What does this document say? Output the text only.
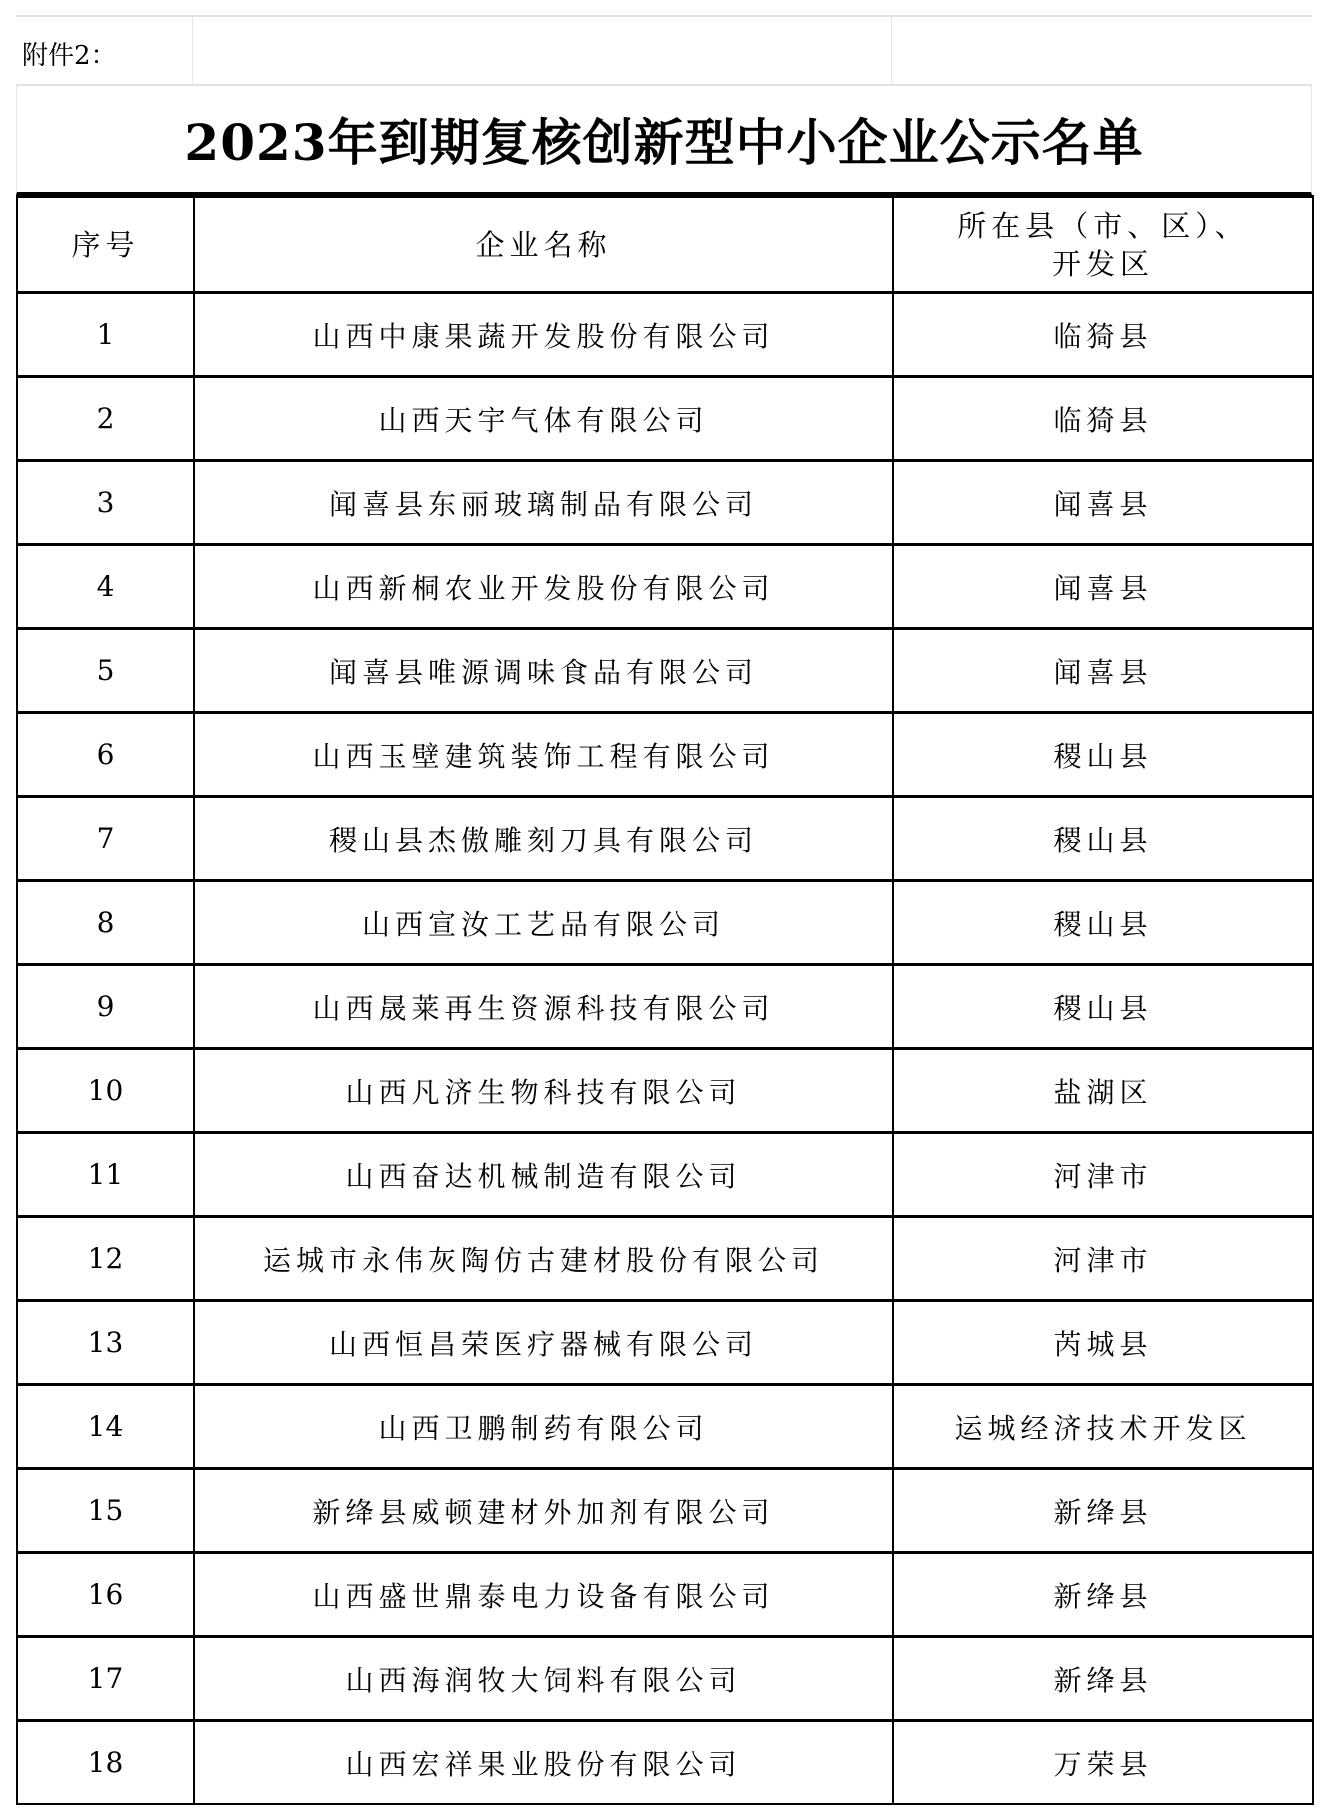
附件2：
2023年到期复核创新型中小企业公示名单
序号	企业名称	所在县（市、区）、
开发区
1	山西中康果蔬开发股份有限公司	临猗县
2	山西天宇气体有限公司	临猗县
3	闻喜县东丽玻璃制品有限公司	闻喜县
4	山西新桐农业开发股份有限公司	闻喜县
5	闻喜县唯源调味食品有限公司	闻喜县
6	山西玉壁建筑装饰工程有限公司	稷山县
7	稷山县杰傲雕刻刀具有限公司	稷山县
8	山西宣汝工艺品有限公司	稷山县
9	山西晟莱再生资源科技有限公司	稷山县
10	山西凡济生物科技有限公司	盐湖区
11	山西奋达机械制造有限公司	河津市
12	运城市永伟灰陶仿古建材股份有限公司	河津市
13	山西恒昌荣医疗器械有限公司	芮城县
14	山西卫鹏制药有限公司	运城经济技术开发区
15	新绛县威顿建材外加剂有限公司	新绛县
16	山西盛世鼎泰电力设备有限公司	新绛县
17	山西海润牧大饲料有限公司	新绛县
18	山西宏祥果业股份有限公司	万荣县
